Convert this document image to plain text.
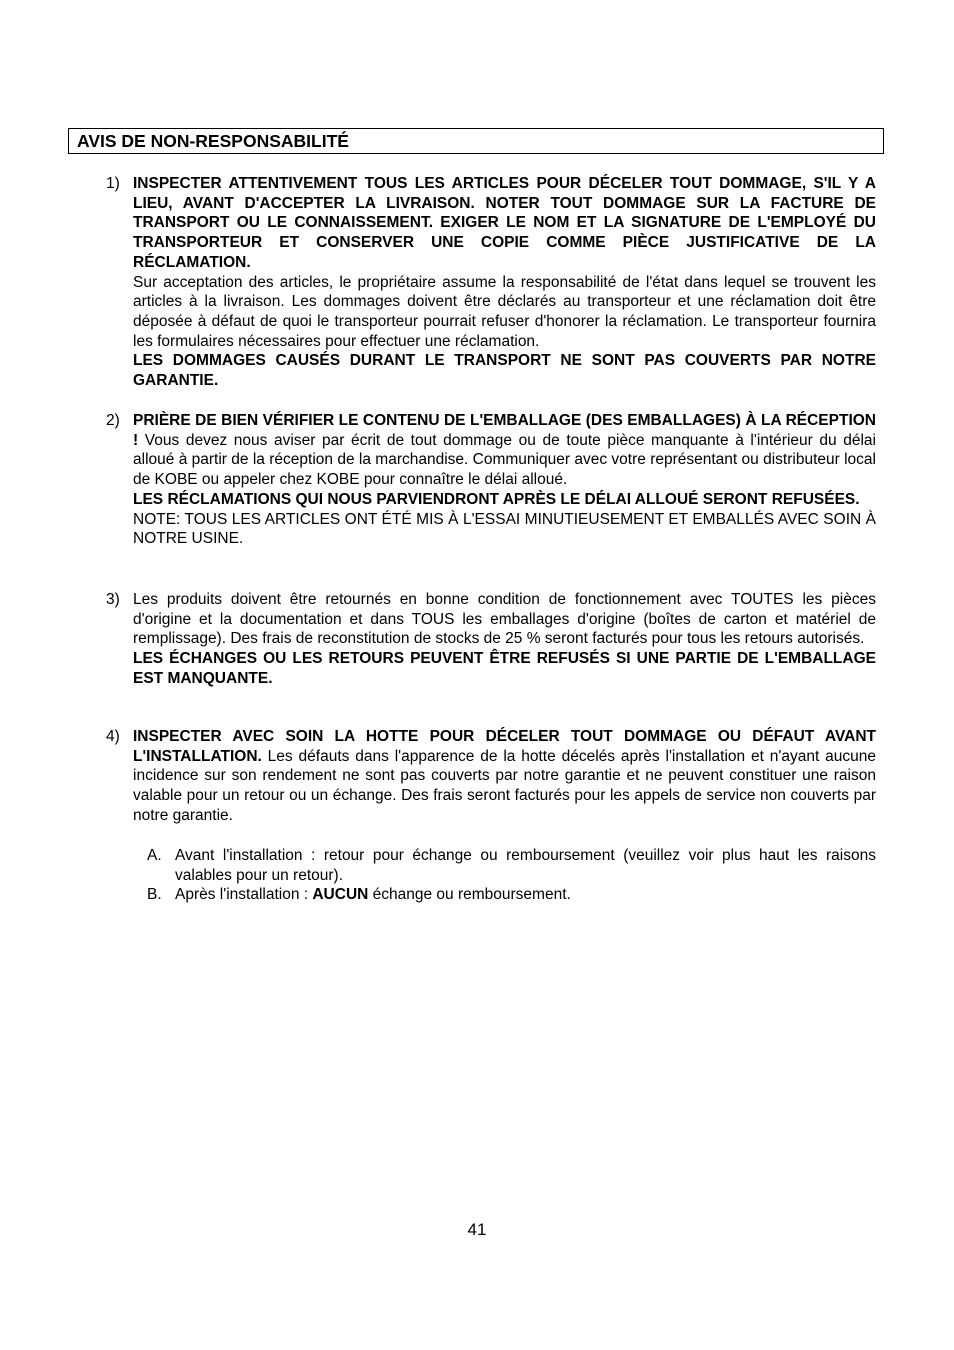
AVIS DE NON-RESPONSABILITÉ
1) INSPECTER ATTENTIVEMENT TOUS LES ARTICLES POUR DÉCELER TOUT DOMMAGE, S'IL Y A LIEU, AVANT D'ACCEPTER LA LIVRAISON. NOTER TOUT DOMMAGE SUR LA FACTURE DE TRANSPORT OU LE CONNAISSEMENT. EXIGER LE NOM ET LA SIGNATURE DE L'EMPLOYÉ DU TRANSPORTEUR ET CONSERVER UNE COPIE COMME PIÈCE JUSTIFICATIVE DE LA RÉCLAMATION.

Sur acceptation des articles, le propriétaire assume la responsabilité de l'état dans lequel se trouvent les articles à la livraison. Les dommages doivent être déclarés au transporteur et une réclamation doit être déposée à défaut de quoi le transporteur pourrait refuser d'honorer la réclamation. Le transporteur fournira les formulaires nécessaires pour effectuer une réclamation.

LES DOMMAGES CAUSÉS DURANT LE TRANSPORT NE SONT PAS COUVERTS PAR NOTRE GARANTIE.

2) PRIÈRE DE BIEN VÉRIFIER LE CONTENU DE L'EMBALLAGE (DES EMBALLAGES) À LA RÉCEPTION ! Vous devez nous aviser par écrit de tout dommage ou de toute pièce manquante à l'intérieur du délai alloué à partir de la réception de la marchandise. Communiquer avec votre représentant ou distributeur local de KOBE ou appeler chez KOBE pour connaître le délai alloué.

LES RÉCLAMATIONS QUI NOUS PARVIENDRONT APRÈS LE DÉLAI ALLOUÉ SERONT REFUSÉES.

NOTE: TOUS LES ARTICLES ONT ÉTÉ MIS À L'ESSAI MINUTIEUSEMENT ET EMBALLÉS AVEC SOIN À NOTRE USINE.

3) Les produits doivent être retournés en bonne condition de fonctionnement avec TOUTES les pièces d'origine et la documentation et dans TOUS les emballages d'origine (boîtes de carton et matériel de remplissage). Des frais de reconstitution de stocks de 25 % seront facturés pour tous les retours autorisés.

LES ÉCHANGES OU LES RETOURS PEUVENT ÊTRE REFUSÉS SI UNE PARTIE DE L'EMBALLAGE EST MANQUANTE.

4) INSPECTER AVEC SOIN LA HOTTE POUR DÉCELER TOUT DOMMAGE OU DÉFAUT AVANT L'INSTALLATION. Les défauts dans l'apparence de la hotte décelés après l'installation et n'ayant aucune incidence sur son rendement ne sont pas couverts par notre garantie et ne peuvent constituer une raison valable pour un retour ou un échange. Des frais seront facturés pour les appels de service non couverts par notre garantie.

A. Avant l'installation : retour pour échange ou remboursement (veuillez voir plus haut les raisons valables pour un retour).
B. Après l'installation : AUCUN échange ou remboursement.
41
